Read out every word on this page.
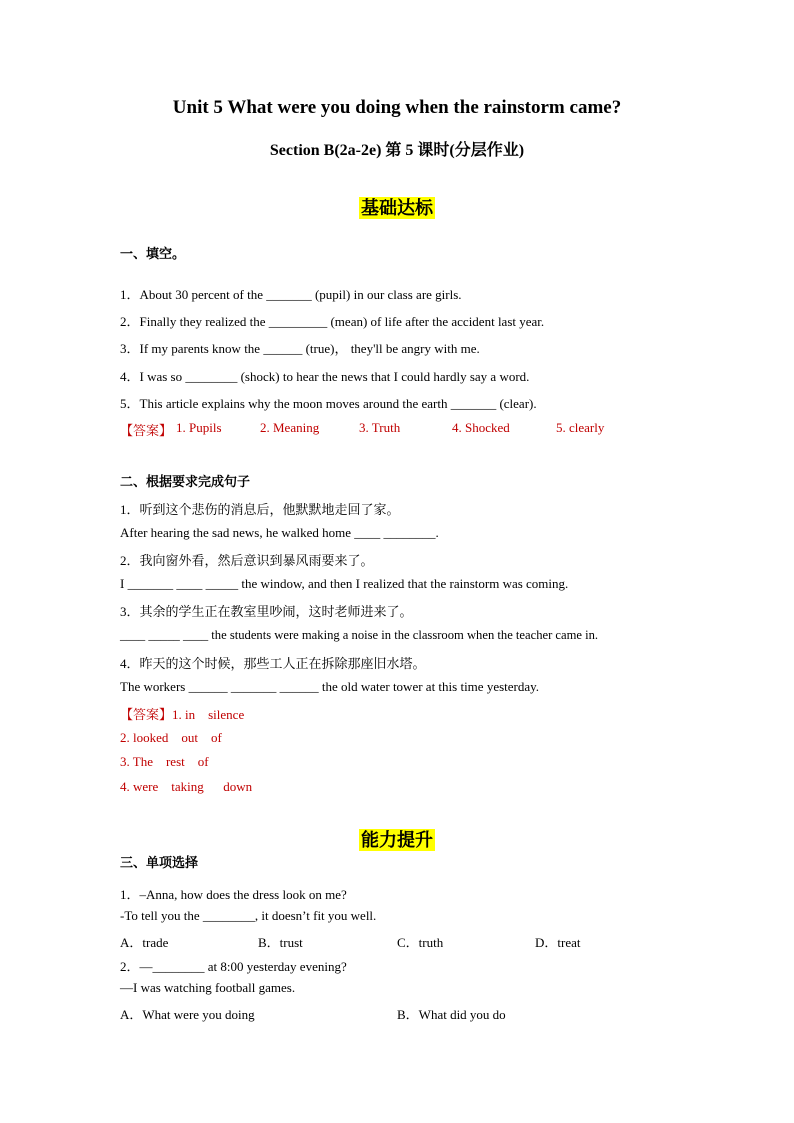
Unit 5 What were you doing when the rainstorm came?
Section B(2a-2e) 第 5 课时(分层作业)
基础达标
一、填空。
1．About 30 percent of the _______ (pupil) in our class are girls.
2．Finally they realized the _________ (mean) of life after the accident last year.
3．If my parents know the ______ (true)， they'll be angry with me.
4．I was so ________ (shock) to hear the news that I could hardly say a word.
5．This article explains why the moon moves around the earth _______ (clear).
【答案】 1. Pupils	2. Meaning	3. Truth	4. Shocked	5. clearly
二、根据要求完成句子
1．听到这个悲伤的消息后，他默默地走回了家。
After hearing the sad news, he walked home ____ ________.
2．我向窗外看，然后意识到暴风雨要来了。
I _______ ____ _____ the window, and then I realized that the rainstorm was coming.
3．其余的学生正在教室里吵闹，这时老师进来了。
____ _____ ____ the students were making a noise in the classroom when the teacher came in.
4．昨天的这个时候，那些工人正在拆除那座旧水塔。
The workers ______ _______ ______ the old water tower at this time yesterday.
【答案】1. in    silence
2. looked    out    of
3. The    rest    of
4. were    taking      down
能力提升
三、单项选择
1．–Anna, how does the dress look on me?
-To tell you the ________, it doesn’t fit you well.
A．trade	B．trust	C．truth	D．treat
2．—________ at 8:00 yesterday evening?
—I was watching football games.
A．What were you doing	B．What did you do
